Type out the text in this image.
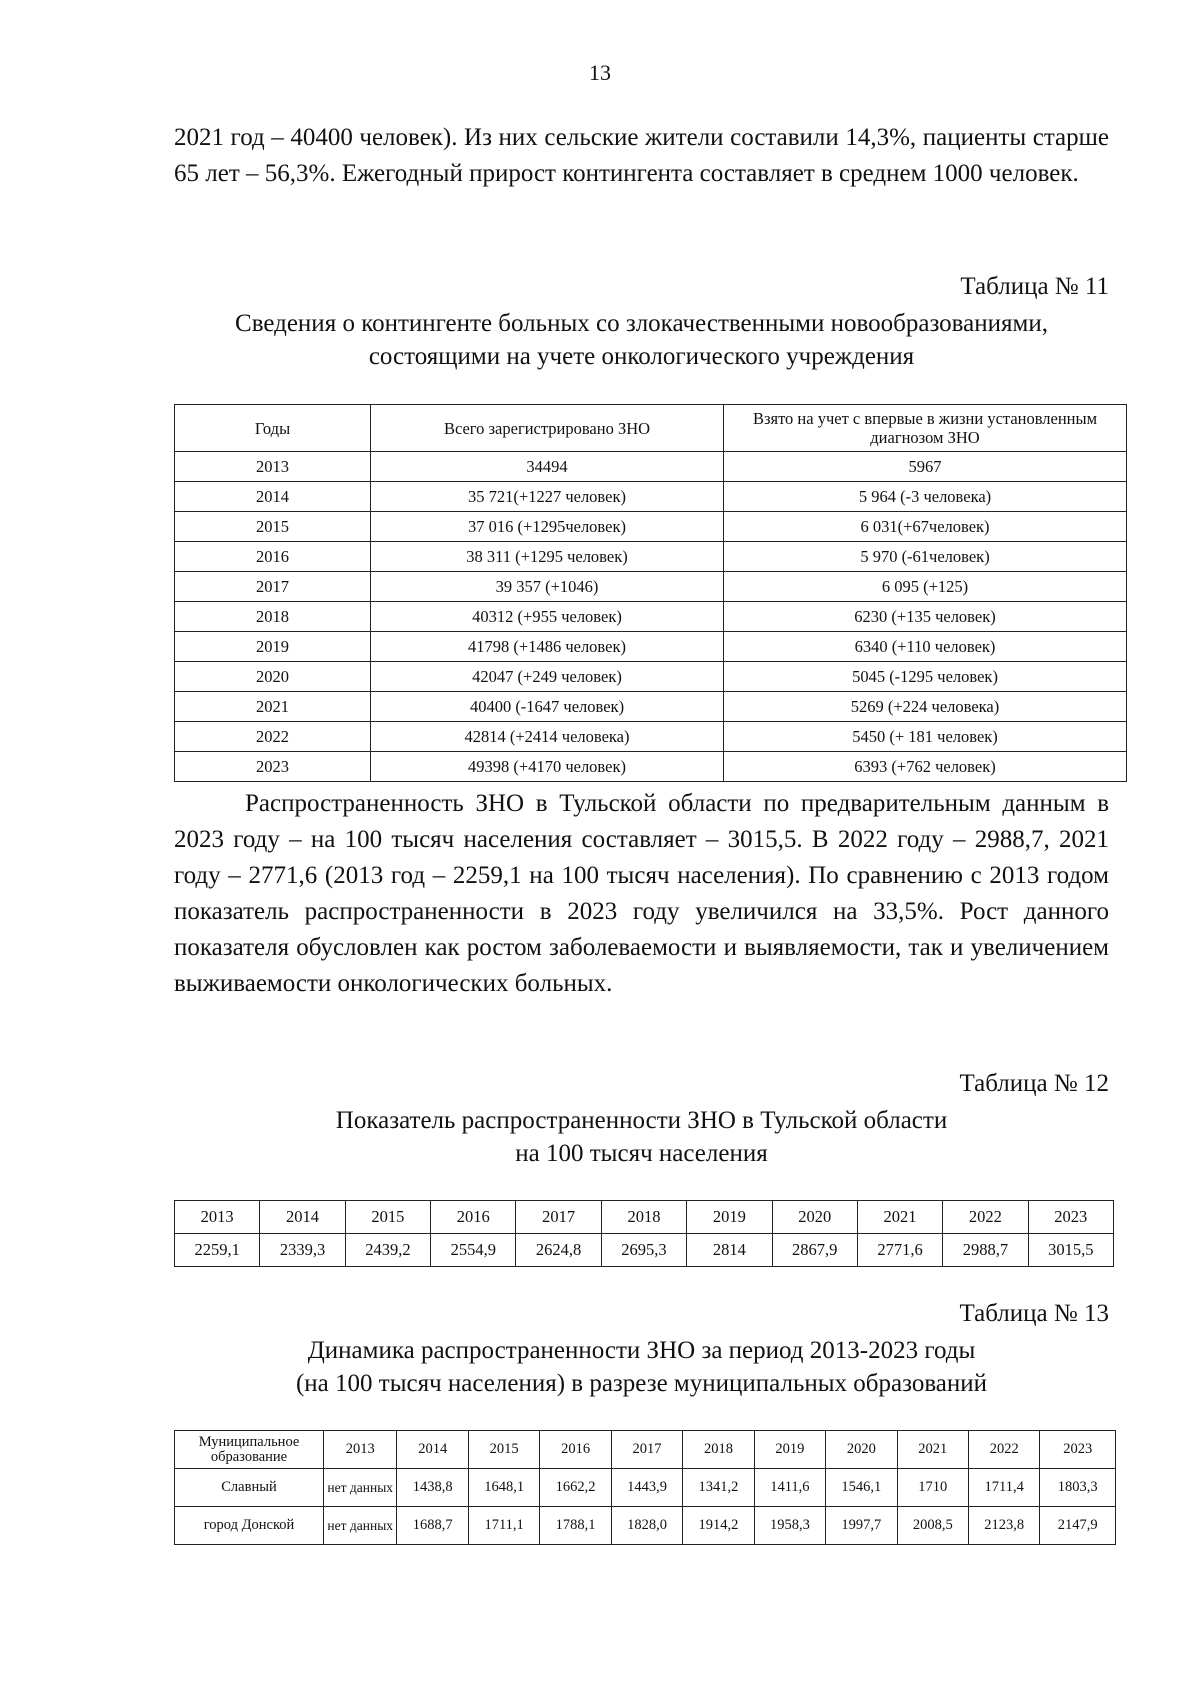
13

2021 год – 40400 человек). Из них сельские жители составили 14,3%, пациенты старше 65 лет – 56,3%. Ежегодный прирост контингента составляет в среднем 1000 человек.

Таблица № 11

Сведения о контингенте больных со злокачественными новообразованиями,
состоящими на учете онкологического учреждения

Годы	Всего зарегистрировано ЗНО	Взято на учет с впервые в жизни установленным диагнозом ЗНО
2013	34494	5967
2014	35 721(+1227 человек)	5 964 (-3 человека)
2015	37 016 (+1295человек)	6 031(+67человек)
2016	38 311 (+1295 человек)	5 970 (-61человек)
2017	39 357 (+1046)	6 095 (+125)
2018	40312 (+955 человек)	6230 (+135 человек)
2019	41798 (+1486 человек)	6340 (+110 человек)
2020	42047 (+249 человек)	5045 (-1295 человек)
2021	40400 (-1647 человек)	5269 (+224 человека)
2022	42814 (+2414 человека)	5450 (+ 181 человек)
2023	49398 (+4170 человек)	6393 (+762 человек)

Распространенность ЗНО в Тульской области по предварительным данным в 2023 году – на 100 тысяч населения составляет – 3015,5. В 2022 году – 2988,7, 2021 году – 2771,6 (2013 год – 2259,1 на 100 тысяч населения). По сравнению с 2013 годом показатель распространенности в 2023 году увеличился на 33,5%. Рост данного показателя обусловлен как ростом заболеваемости и выявляемости, так и увеличением выживаемости онкологических больных.

Таблица № 12

Показатель распространенности ЗНО в Тульской области
на 100 тысяч населения

2013	2014	2015	2016	2017	2018	2019	2020	2021	2022	2023
2259,1	2339,3	2439,2	2554,9	2624,8	2695,3	2814	2867,9	2771,6	2988,7	3015,5
Таблица № 13

Динамика распространенности ЗНО за период 2013-2023 годы
(на 100 тысяч населения) в разрезе муниципальных образований

Муниципальное образование	2013	2014	2015	2016	2017	2018	2019	2020	2021	2022	2023
Славный	нет данных	1438,8	1648,1	1662,2	1443,9	1341,2	1411,6	1546,1	1710	1711,4	1803,3
город Донской	нет данных	1688,7	1711,1	1788,1	1828,0	1914,2	1958,3	1997,7	2008,5	2123,8	2147,9
